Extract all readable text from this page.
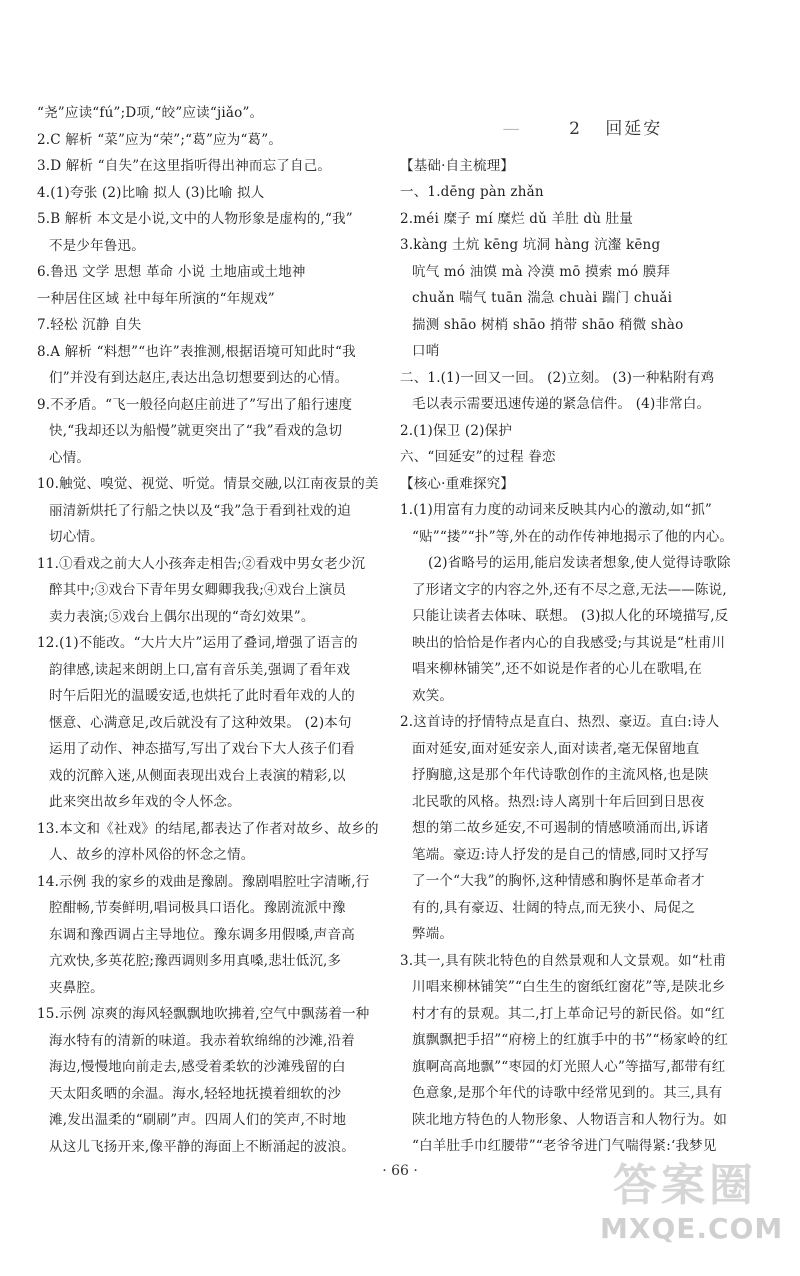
“尧”应读“fú”;D项,“皎”应读“jiǎo”。

2.C 解析 “菜”应为“荣”;“葛”应为“葛”。

3.D 解析 “自失”在这里指听得出神而忘了自己。

4.(1)夸张 (2)比喻 拟人 (3)比喻 拟人

5.B 解析 本文是小说,文中的人物形象是虚构的,“我”

不是少年鲁迅。

6.鲁迅 文学 思想 革命 小说 土地庙或土地神

一种居住区域 社中每年所演的“年规戏”

7.轻松 沉静 自失

8.A 解析 “料想”“也许”表推测,根据语境可知此时“我

们”并没有到达赵庄,表达出急切想要到达的心情。

9.不矛盾。“飞一般径向赵庄前进了”写出了船行速度

快,“我却还以为船慢”就更突出了“我”看戏的急切

心情。

10.触觉、嗅觉、视觉、听觉。情景交融,以江南夜景的美

丽清新烘托了行船之快以及“我”急于看到社戏的迫

切心情。

11.①看戏之前大人小孩奔走相告;②看戏中男女老少沉

醉其中;③戏台下青年男女卿卿我我;④戏台上演员

卖力表演;⑤戏台上偶尔出现的“奇幻效果”。

12.(1)不能改。“大片大片”运用了叠词,增强了语言的

韵律感,读起来朗朗上口,富有音乐美,强调了看年戏

时午后阳光的温暖安适,也烘托了此时看年戏的人的

惬意、心满意足,改后就没有了这种效果。 (2)本句

运用了动作、神态描写,写出了戏台下大人孩子们看

戏的沉醉入迷,从侧面表现出戏台上表演的精彩,以

此来突出故乡年戏的令人怀念。

13.本文和《社戏》的结尾,都表达了作者对故乡、故乡的

人、故乡的淳朴风俗的怀念之情。

14.示例 我的家乡的戏曲是豫剧。豫剧唱腔吐字清晰,行

腔酣畅,节奏鲜明,唱词极具口语化。豫剧流派中豫

东调和豫西调占主导地位。豫东调多用假嗓,声音高

亢欢快,多英花腔;豫西调则多用真嗓,悲壮低沉,多

夹鼻腔。

15.示例 凉爽的海风轻飘飘地吹拂着,空气中飘荡着一种

海水特有的清新的味道。我赤着软绵绵的沙滩,沿着

海边,慢慢地向前走去,感受着柔软的沙滩残留的白

天太阳炙晒的余温。海水,轻轻地抚摸着细软的沙

滩,发出温柔的“刷刷”声。四周人们的笑声,不时地

从这儿飞扬开来,像平静的海面上不断涌起的波浪。

—	2 回延安

【基础·自主梳理】

一、1.dēng pàn zhǎn

2.méi 糜子 mí 糜烂 dǔ 羊肚 dù 肚量

3.kàng 土炕 kēng 坑洞 hàng 沆瀣 kēng

吭气 mó 油馍 mà 冷漠 mō 摸索 mó 膜拜

chuǎn 喘气 tuān 湍急 chuài 踹门 chuǎi

揣测 shāo 树梢 shāo 捎带 shāo 稍微 shào

口哨

二、1.(1)一回又一回。 (2)立刻。 (3)一种粘附有鸡

毛以表示需要迅速传递的紧急信件。 (4)非常白。

2.(1)保卫 (2)保护

六、“回延安”的过程 眷恋

【核心·重难探究】

1.(1)用富有力度的动词来反映其内心的激动,如“抓”

“贴”“搂”“扑”等,外在的动作传神地揭示了他的内心。

(2)省略号的运用,能启发读者想象,使人觉得诗歌除

了形诸文字的内容之外,还有不尽之意,无法——陈说,

只能让读者去体味、联想。 (3)拟人化的环境描写,反

映出的恰恰是作者内心的自我感受;与其说是“杜甫川

唱来柳林铺笑”,还不如说是作者的心儿在歌唱,在

欢笑。

2.这首诗的抒情特点是直白、热烈、豪迈。直白:诗人

面对延安,面对延安亲人,面对读者,毫无保留地直

抒胸臆,这是那个年代诗歌创作的主流风格,也是陕

北民歌的风格。热烈:诗人离别十年后回到日思夜

想的第二故乡延安,不可遏制的情感喷涌而出,诉诸

笔端。豪迈:诗人抒发的是自己的情感,同时又抒写

了一个“大我”的胸怀,这种情感和胸怀是革命者才

有的,具有豪迈、壮阔的特点,而无狭小、局促之

弊端。

3.其一,具有陕北特色的自然景观和人文景观。如“杜甫

川唱来柳林铺笑”“白生生的窗纸红窗花”等,是陕北乡

村才有的景观。其二,打上革命记号的新民俗。如“红

旗飘飘把手招”“府榜上的红旗手中的书”“杨家岭的红

旗啊高高地飘”“枣园的灯光照人心”等描写,都带有红

色意象,是那个年代的诗歌中经常见到的。其三,具有

陕北地方特色的人物形象、人物语言和人物行为。如

“白羊肚手巾红腰带”“老爷爷进门气喘得紧:‘我梦见

· 66 ·	答案圈
MXQE.COM
